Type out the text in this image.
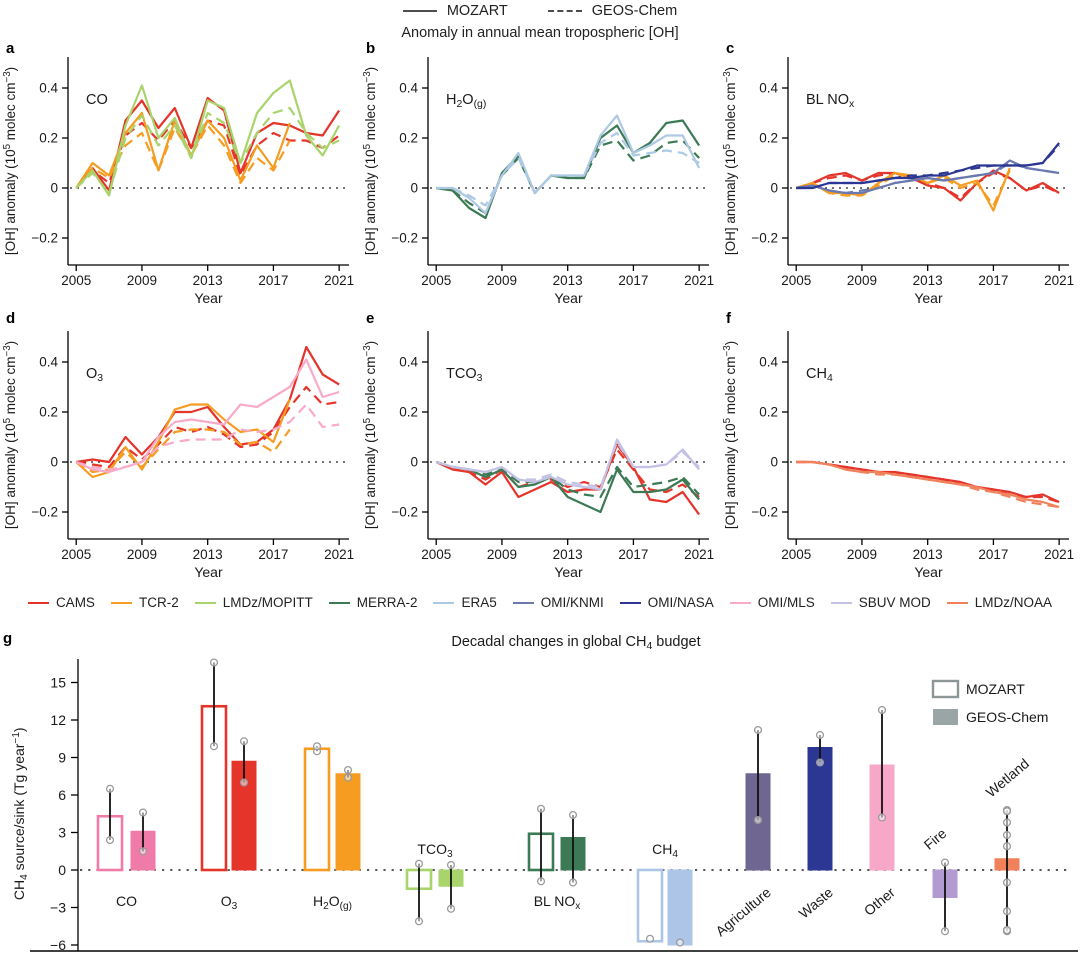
MOZART	GEOS-Chem
Anomaly in annual mean tropospheric [OH]
a	b	c
d	e	f
g
−0.2
0
0.2
0.4
2005	2009	2013	2017	2021
Year
[OH] anomaly ($10^5$ molec $cm^{-3}$)
CO
−0.2
0
0.2
0.4
2005	2009	2013	2017	2021
Year
[OH] anomaly ($10^5$ molec $cm^{-3}$)
$H_2O_{(g)}$
−0.2
0
0.2
0.4
2005	2009	2013	2017	2021
Year
[OH] anomaly ($10^5$ molec $cm^{-3}$)
BL $NO_x$
−0.2
0
0.2
0.4
2005	2009	2013	2017	2021
Year
[OH] anomaly ($10^5$ molec $cm^{-3}$)
$O_3$
−0.2
0
0.2
0.4
2005	2009	2013	2017	2021
Year
[OH] anomaly ($10^5$ molec $cm^{-3}$)
$TCO_3$
−0.2
0
0.2
0.4
2005	2009	2013	2017	2021
Year
[OH] anomaly ($10^5$ molec $cm^{-3}$)
$CH_4$
CAMS	TCR-2	LMDz/MOPITT	MERRA-2	ERA5	OMI/KNMI	OMI/NASA	OMI/MLS	SBUV MOD	LMDz/NOAA
−6
−3
0
3
6
9
12
15
$CH_4$ source/sink (Tg year$^{-1}$)
Decadal changes in global $CH_4$ budget
CO	$O_3$	$H_2O_{(g)}$
$TCO_3$
BL $NO_x$
$CH_4$
Agriculture Waste Other
Fire
Wetland
MOZART
GEOS-Chem
